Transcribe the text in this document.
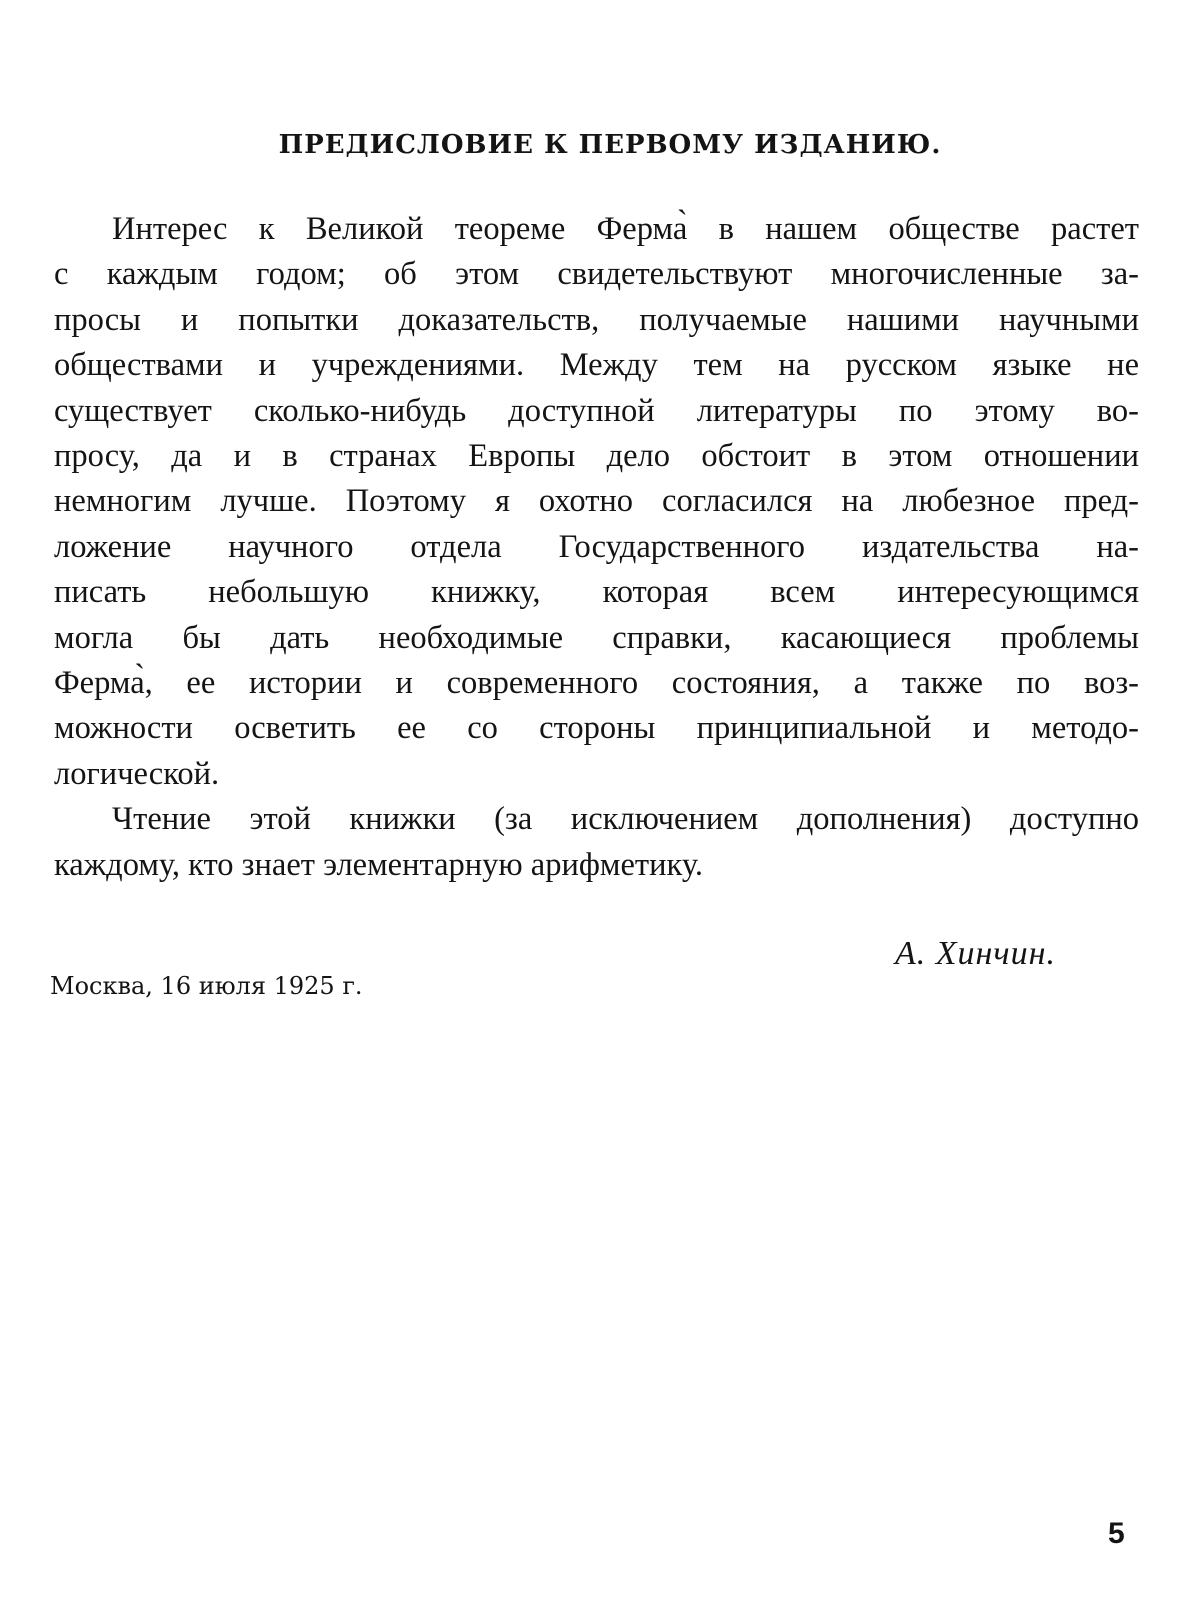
ПРЕДИСЛОВИЕ К ПЕРВОМУ ИЗДАНИЮ.
Интерес к Великой теореме Ферма̀ в нашем обществе растет
с каждым годом; об этом свидетельствуют многочисленные за-
просы и попытки доказательств, получаемые нашими научными
обществами и учреждениями. Между тем на русском языке не
существует сколько-нибудь доступной литературы по этому во-
просу, да и в странах Европы дело обстоит в этом отношении
немногим лучше. Поэтому я охотно согласился на любезное пред-
ложение научного отдела Государственного издательства на-
писать небольшую книжку, которая всем интересующимся
могла бы дать необходимые справки, касающиеся проблемы
Ферма̀, ее истории и современного состояния, а также по воз-
можности осветить ее со стороны принципиальной и методо-
логической.
Чтение этой книжки (за исключением дополнения) доступно
каждому, кто знает элементарную арифметику.
А. Хинчин.
Москва, 16 июля 1925 г.
5
